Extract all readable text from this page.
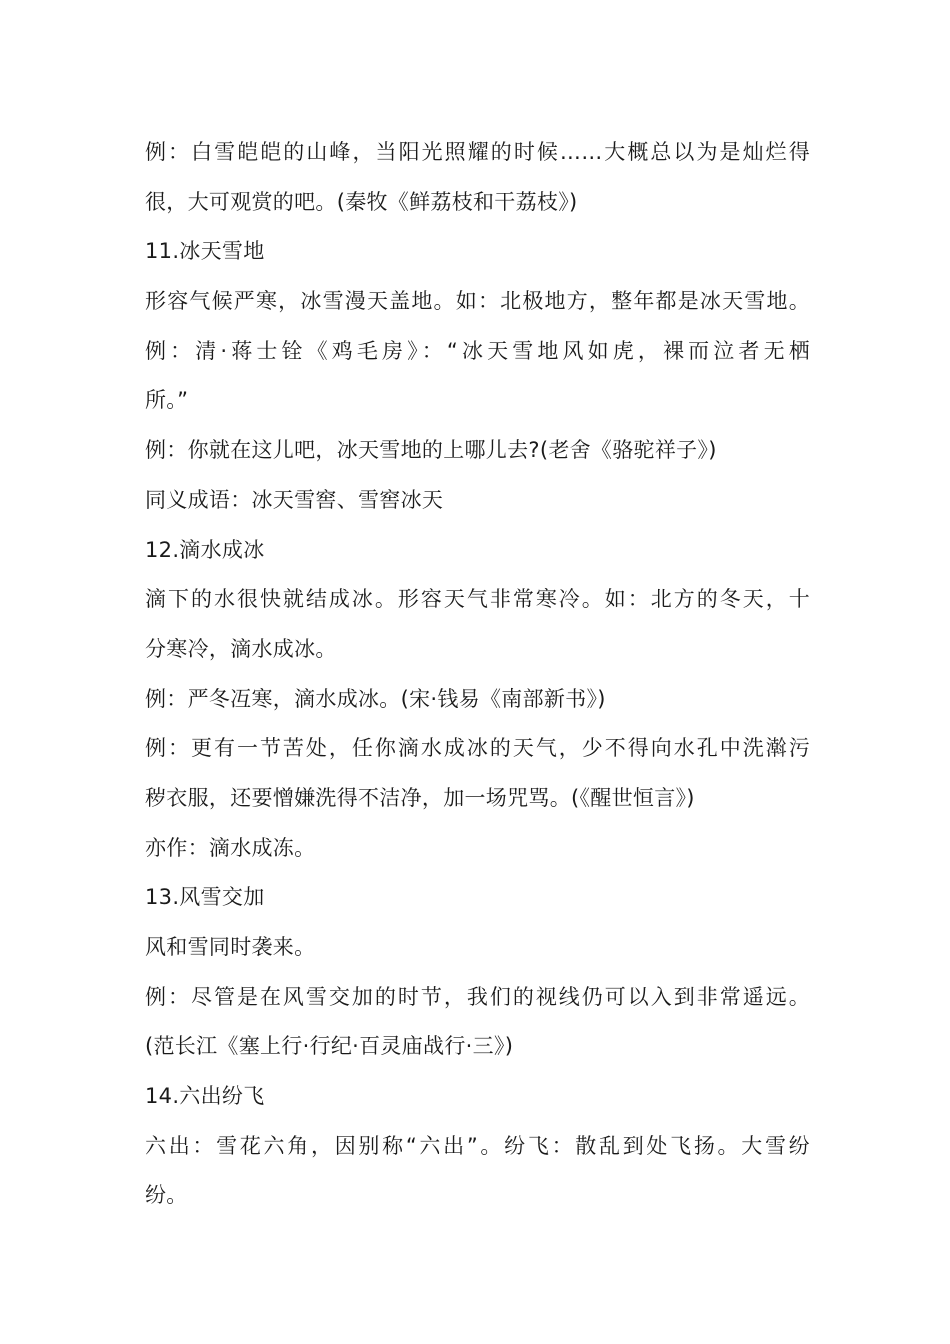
例：白雪皑皑的山峰，当阳光照耀的时候……大概总以为是灿烂得
很，大可观赏的吧。(秦牧《鲜荔枝和干荔枝》)
11.冰天雪地
形容气候严寒，冰雪漫天盖地。如：北极地方，整年都是冰天雪地。
例：清·蒋士铨《鸡毛房》：“冰天雪地风如虎，裸而泣者无栖
所。”
例：你就在这儿吧，冰天雪地的上哪儿去?(老舍《骆驼祥子》)
同义成语：冰天雪窖、雪窖冰天
12.滴水成冰
滴下的水很快就结成冰。形容天气非常寒冷。如：北方的冬天，十
分寒冷，滴水成冰。
例：严冬冱寒，滴水成冰。(宋·钱易《南部新书》)
例：更有一节苦处，任你滴水成冰的天气，少不得向水孔中洗濣污
秽衣服，还要憎嫌洗得不洁净，加一场咒骂。(《醒世恒言》)
亦作：滴水成冻。
13.风雪交加
风和雪同时袭来。
例：尽管是在风雪交加的时节，我们的视线仍可以入到非常遥远。
(范长江《塞上行·行纪·百灵庙战行·三》)
14.六出纷飞
六出：雪花六角，因别称“六出”。纷飞：散乱到处飞扬。大雪纷
纷。
